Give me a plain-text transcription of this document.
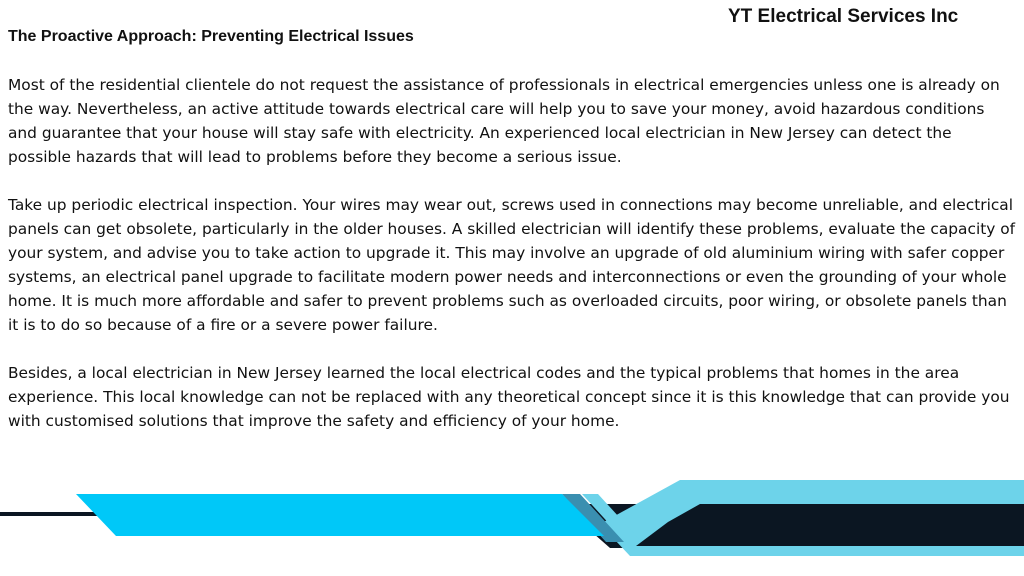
YT Electrical Services Inc
The Proactive Approach: Preventing Electrical Issues

Most of the residential clientele do not request the assistance of professionals in electrical emergencies unless one is already on the way. Nevertheless, an active attitude towards electrical care will help you to save your money, avoid hazardous conditions and guarantee that your house will stay safe with electricity. An experienced local electrician in New Jersey can detect the possible hazards that will lead to problems before they become a serious issue.

Take up periodic electrical inspection. Your wires may wear out, screws used in connections may become unreliable, and electrical panels can get obsolete, particularly in the older houses. A skilled electrician will identify these problems, evaluate the capacity of your system, and advise you to take action to upgrade it. This may involve an upgrade of old aluminium wiring with safer copper systems, an electrical panel upgrade to facilitate modern power needs and interconnections or even the grounding of your whole home. It is much more affordable and safer to prevent problems such as overloaded circuits, poor wiring, or obsolete panels than it is to do so because of a fire or a severe power failure.

Besides, a local electrician in New Jersey learned the local electrical codes and the typical problems that homes in the area experience. This local knowledge can not be replaced with any theoretical concept since it is this knowledge that can provide you with customised solutions that improve the safety and efficiency of your home.
